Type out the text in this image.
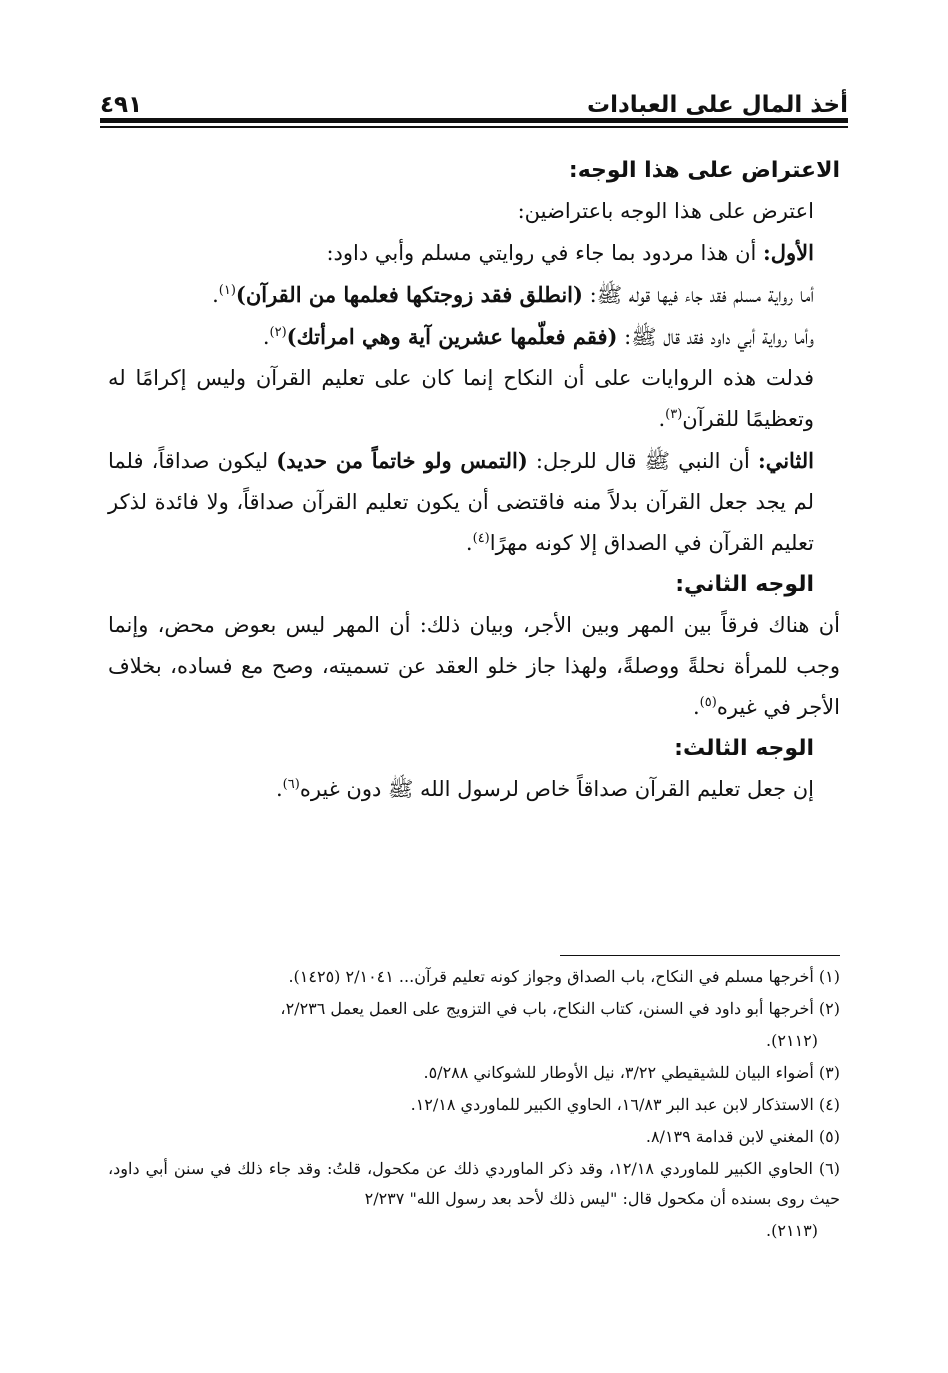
أخذ المال على العبادات
٤٩١

الاعتراض على هذا الوجه:

اعترض على هذا الوجه باعتراضين:

الأول: أن هذا مردود بما جاء في روايتي مسلم وأبي داود:

أما رواية مسلم فقد جاء فيها قوله ﷺ: (انطلق فقد زوجتكها فعلمها من القرآن)$^{(١)}$.

وأما رواية أبي داود فقد قال ﷺ: (فقم فعلّمها عشرين آية وهي امرأتك)$^{(٢)}$.

فدلت هذه الروايات على أن النكاح إنما كان على تعليم القرآن وليس إكرامًا له وتعظيمًا للقرآن$^{(٣)}$.

الثاني: أن النبي ﷺ قال للرجل: (التمس ولو خاتماً من حديد) ليكون صداقاً، فلما لم يجد جعل القرآن بدلاً منه فاقتضى أن يكون تعليم القرآن صداقاً، ولا فائدة لذكر تعليم القرآن في الصداق إلا كونه مهرًا$^{(٤)}$.

الوجه الثاني:

أن هناك فرقاً بين المهر وبين الأجر، وبيان ذلك: أن المهر ليس بعوض محض، وإنما وجب للمرأة نحلةً ووصلةً، ولهذا جاز خلو العقد عن تسميته، وصح مع فساده، بخلاف الأجر في غيره$^{(٥)}$.

الوجه الثالث:

إن جعل تعليم القرآن صداقاً خاص لرسول الله ﷺ دون غيره$^{(٦)}$.

(١) أخرجها مسلم في النكاح، باب الصداق وجواز كونه تعليم قرآن... ٢/١٠٤١ (١٤٢٥).

(٢) أخرجها أبو داود في السنن، كتاب النكاح، باب في التزويج على العمل يعمل ٢/٢٣٦،

(٢١١٢).

(٣) أضواء البيان للشيقيطي ٣/٢٢، نيل الأوطار للشوكاني ٥/٢٨٨.

(٤) الاستذكار لابن عبد البر ١٦/٨٣، الحاوي الكبير للماوردي ١٢/١٨.

(٥) المغني لابن قدامة ٨/١٣٩.

(٦) الحاوي الكبير للماوردي ١٢/١٨، وقد ذكر الماوردي ذلك عن مكحول، قلتُ: وقد جاء ذلك في سنن أبي داود، حيث روى بسنده أن مكحول قال: "ليس ذلك لأحد بعد رسول الله" ٢/٢٣٧

(٢١١٣).
